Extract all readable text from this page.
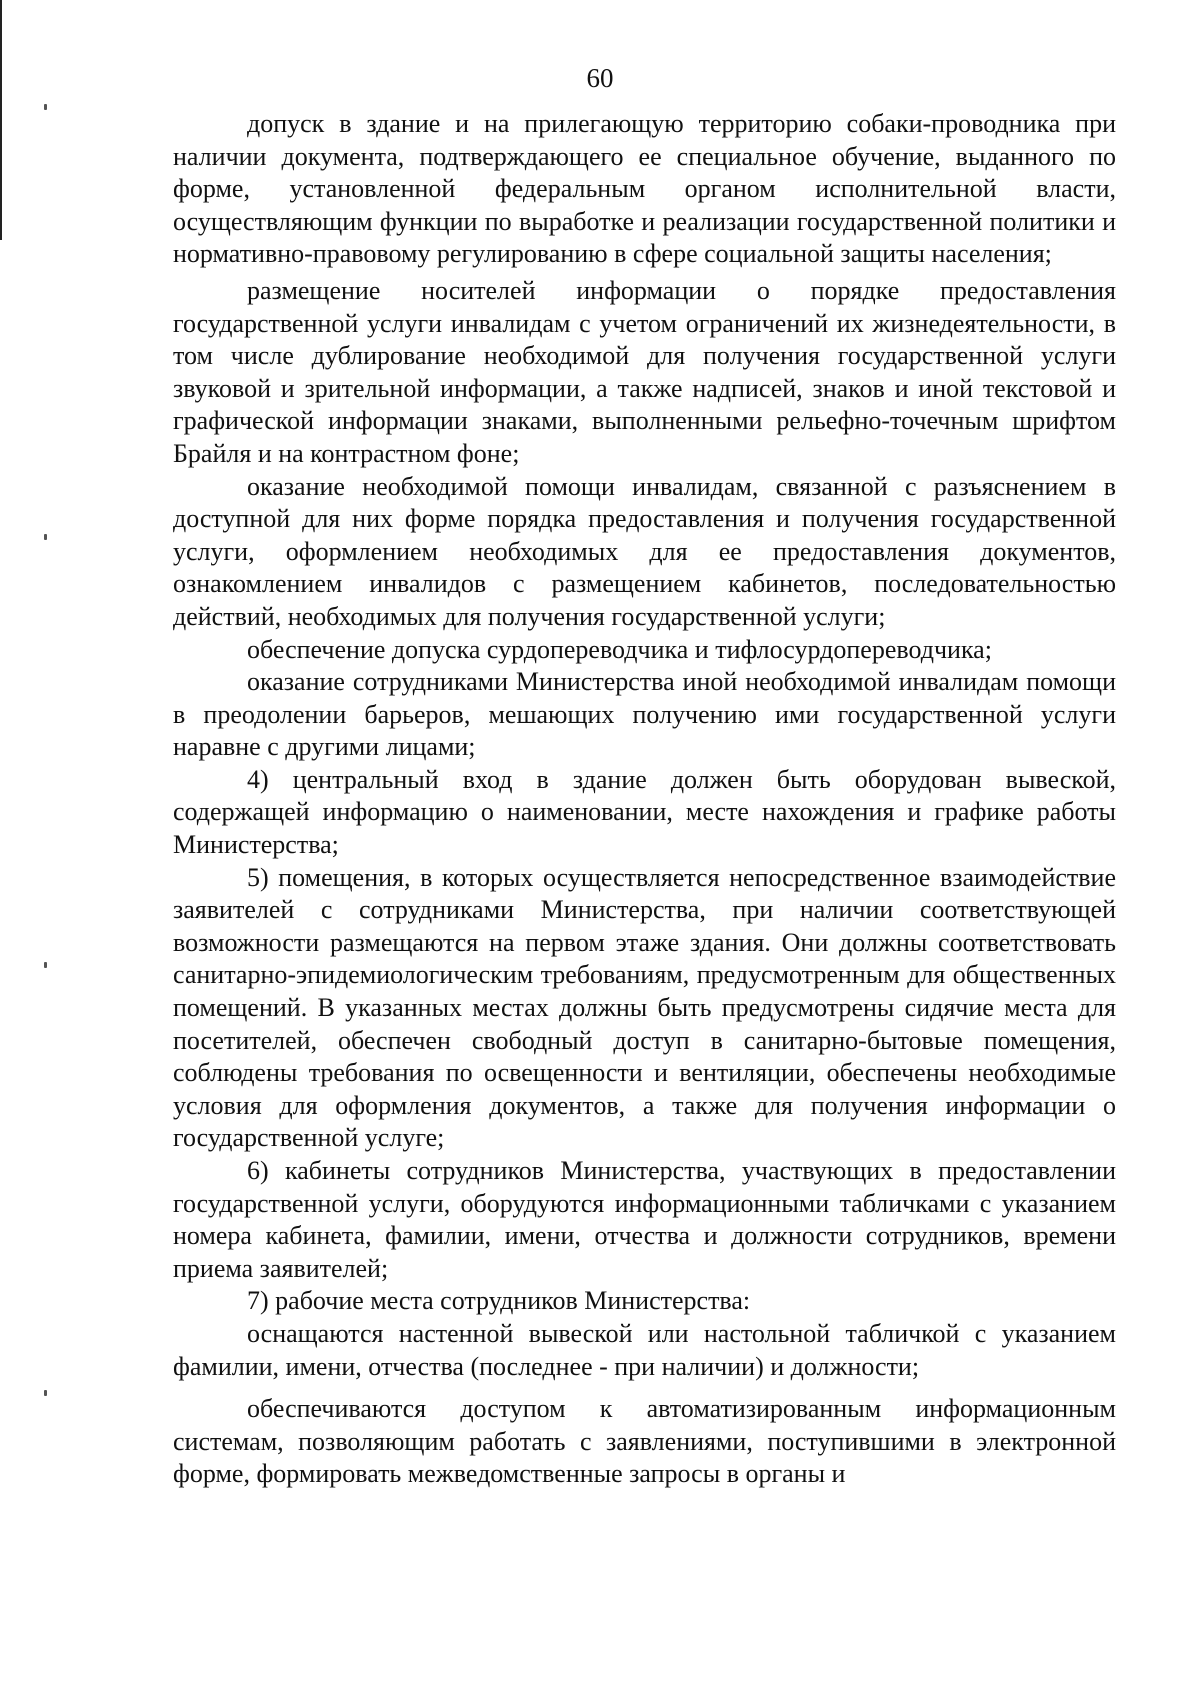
60

допуск в здание и на прилегающую территорию собаки-проводника при наличии документа, подтверждающего ее специальное обучение, выданного по форме, установленной федеральным органом исполнительной власти, осуществляющим функции по выработке и реализации государственной политики и нормативно-правовому регулированию в сфере социальной защиты населения;

размещение носителей информации о порядке предоставления государственной услуги инвалидам с учетом ограничений их жизнедеятельности, в том числе дублирование необходимой для получения государственной услуги звуковой и зрительной информации, а также надписей, знаков и иной текстовой и графической информации знаками, выполненными рельефно-точечным шрифтом Брайля и на контрастном фоне;

оказание необходимой помощи инвалидам, связанной с разъяснением в доступной для них форме порядка предоставления и получения государственной услуги, оформлением необходимых для ее предоставления документов, ознакомлением инвалидов с размещением кабинетов, последовательностью действий, необходимых для получения государственной услуги;

обеспечение допуска сурдопереводчика и тифлосурдопереводчика;

оказание сотрудниками Министерства иной необходимой инвалидам помощи в преодолении барьеров, мешающих получению ими государственной услуги наравне с другими лицами;

4) центральный вход в здание должен быть оборудован вывеской, содержащей информацию о наименовании, месте нахождения и графике работы Министерства;

5) помещения, в которых осуществляется непосредственное взаимодействие заявителей с сотрудниками Министерства, при наличии соответствующей возможности размещаются на первом этаже здания. Они должны соответствовать санитарно-эпидемиологическим требованиям, предусмотренным для общественных помещений. В указанных местах должны быть предусмотрены сидячие места для посетителей, обеспечен свободный доступ в санитарно-бытовые помещения, соблюдены требования по освещенности и вентиляции, обеспечены необходимые условия для оформления документов, а также для получения информации о государственной услуге;

6) кабинеты сотрудников Министерства, участвующих в предоставлении государственной услуги, оборудуются информационными табличками с указанием номера кабинета, фамилии, имени, отчества и должности сотрудников, времени приема заявителей;

7) рабочие места сотрудников Министерства:

оснащаются настенной вывеской или настольной табличкой с указанием фамилии, имени, отчества (последнее - при наличии) и должности;

обеспечиваются доступом к автоматизированным информационным системам, позволяющим работать с заявлениями, поступившими в электронной форме, формировать межведомственные запросы в органы и
